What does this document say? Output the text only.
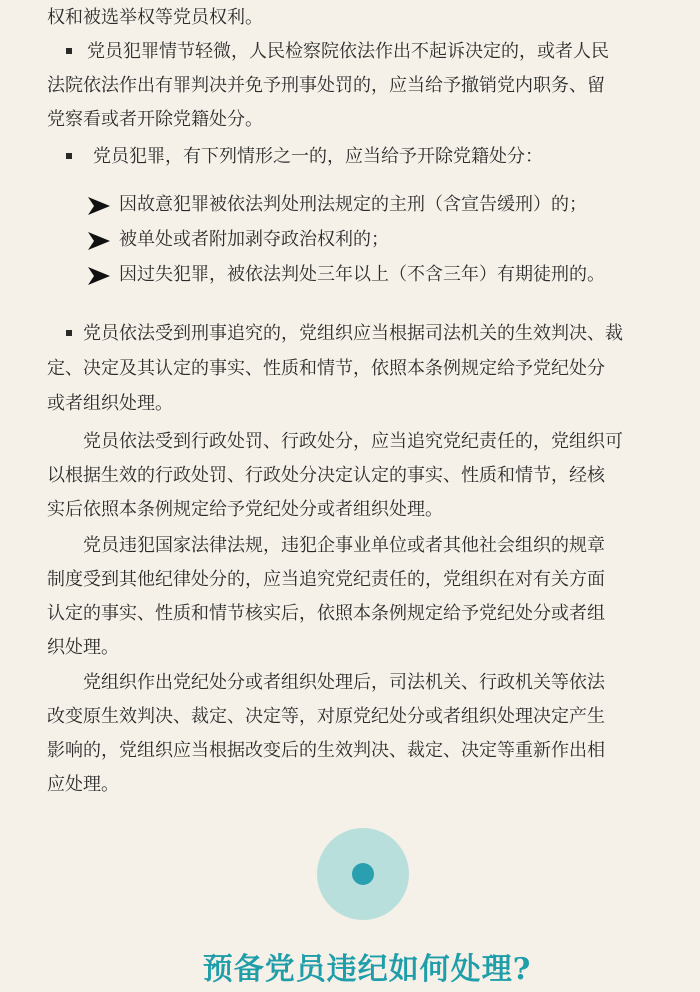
权和被选举权等党员权利。
党员犯罪情节轻微，人民检察院依法作出不起诉决定的，或者人民
法院依法作出有罪判决并免予刑事处罚的，应当给予撤销党内职务、留
党察看或者开除党籍处分。
党员犯罪，有下列情形之一的，应当给予开除党籍处分：
因故意犯罪被依法判处刑法规定的主刑（含宣告缓刑）的；
被单处或者附加剥夺政治权利的；
因过失犯罪，被依法判处三年以上（不含三年）有期徒刑的。
党员依法受到刑事追究的，党组织应当根据司法机关的生效判决、裁
定、决定及其认定的事实、性质和情节，依照本条例规定给予党纪处分
或者组织处理。
党员依法受到行政处罚、行政处分，应当追究党纪责任的，党组织可
以根据生效的行政处罚、行政处分决定认定的事实、性质和情节，经核
实后依照本条例规定给予党纪处分或者组织处理。
党员违犯国家法律法规，违犯企事业单位或者其他社会组织的规章
制度受到其他纪律处分的，应当追究党纪责任的，党组织在对有关方面
认定的事实、性质和情节核实后，依照本条例规定给予党纪处分或者组
织处理。
党组织作出党纪处分或者组织处理后，司法机关、行政机关等依法
改变原生效判决、裁定、决定等，对原党纪处分或者组织处理决定产生
影响的，党组织应当根据改变后的生效判决、裁定、决定等重新作出相
应处理。
预备党员违纪如何处理?
